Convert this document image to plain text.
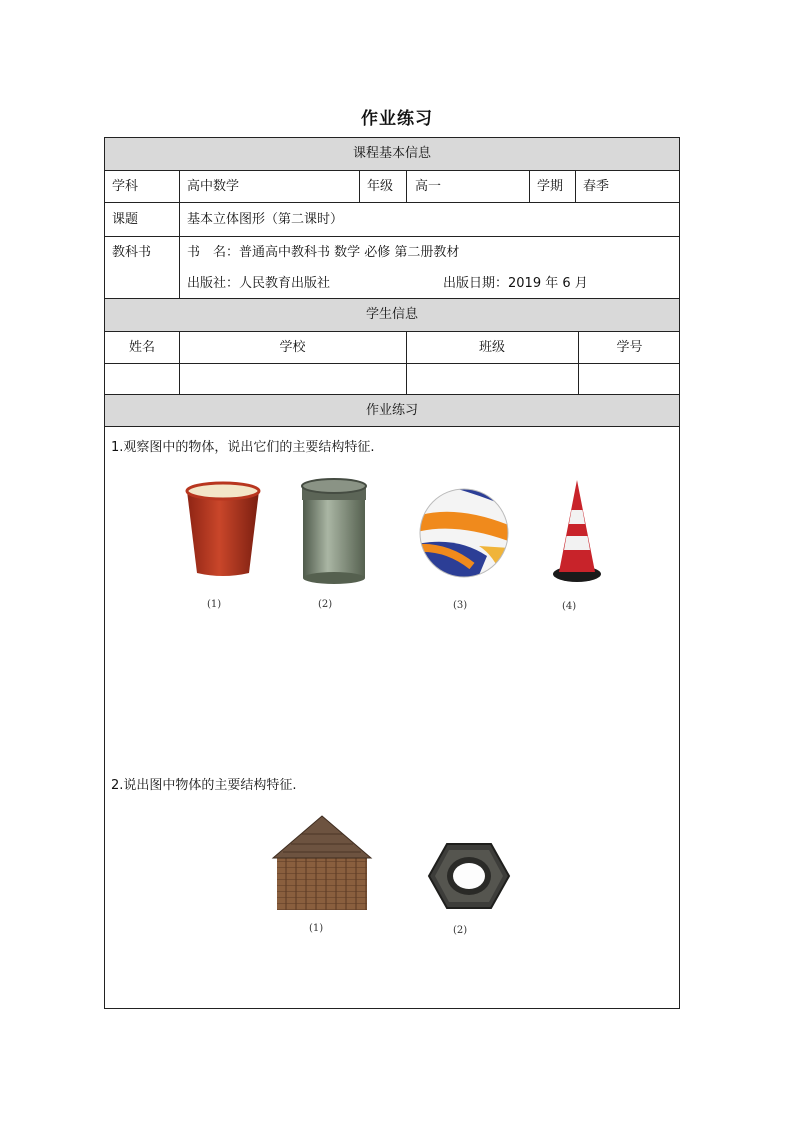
作业练习
课程基本信息
学科	高中数学	年级 高一	学期 春季
课题	基本立体图形（第二课时）
教科书	书　名：普通高中教科书 数学 必修 第二册教材
出版社：人民教育出版社	出版日期：2019 年 6 月
学生信息
姓名	学校	班级	学号
作业练习
1.观察图中的物体，说出它们的主要结构特征.
(1)	(2)	(3)	(4)
2.说出图中物体的主要结构特征.
(1)	(2)
